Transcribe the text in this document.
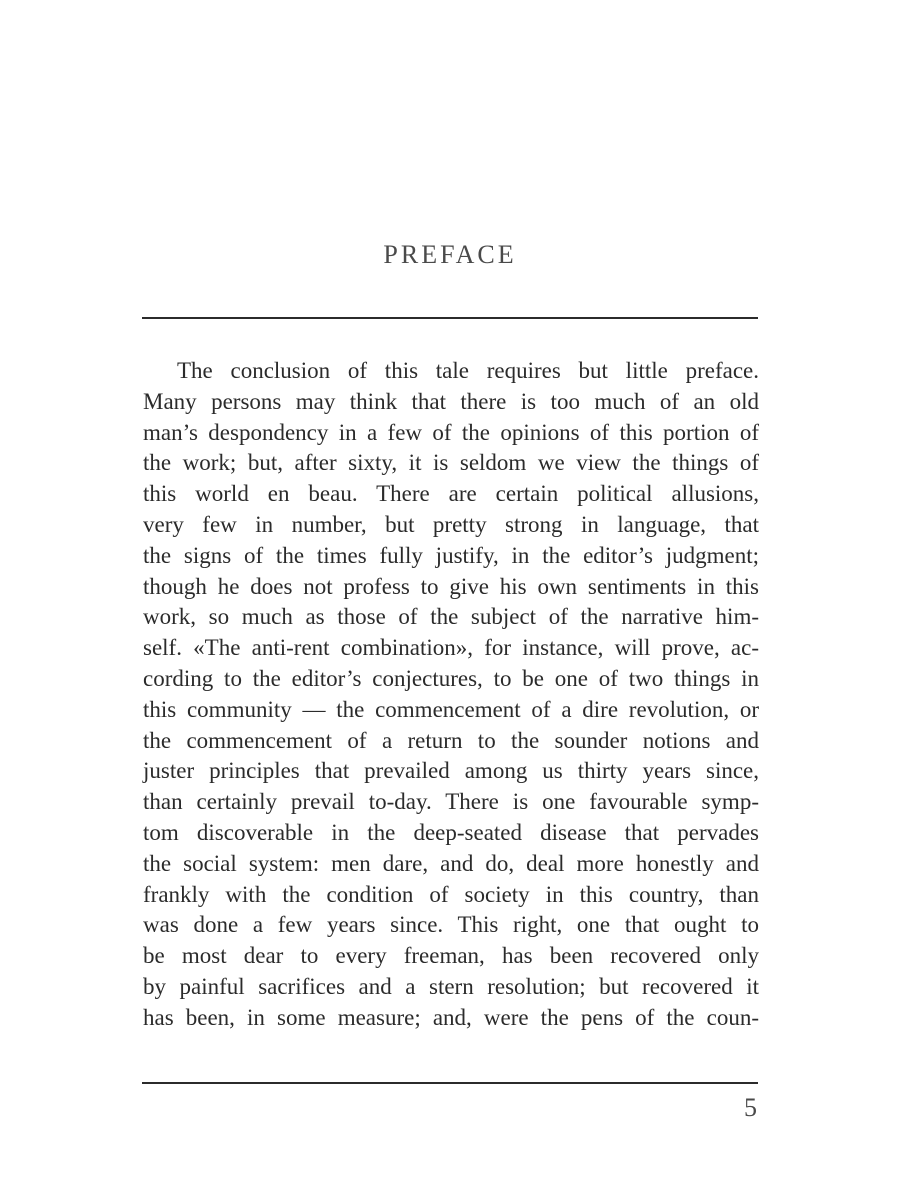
PREFACE
The conclusion of this tale requires but little preface.
Many persons may think that there is too much of an old
man’s despondency in a few of the opinions of this portion of
the work; but, after sixty, it is seldom we view the things of
this world en beau. There are certain political allusions,
very few in number, but pretty strong in language, that
the signs of the times fully justify, in the editor’s judgment;
though he does not profess to give his own sentiments in this
work, so much as those of the subject of the narrative him-
self. «The anti-rent combination», for instance, will prove, ac-
cording to the editor’s conjectures, to be one of two things in
this community — the commencement of a dire revolution, or
the commencement of a return to the sounder notions and
juster principles that prevailed among us thirty years since,
than certainly prevail to-day. There is one favourable symp-
tom discoverable in the deep-seated disease that pervades
the social system: men dare, and do, deal more honestly and
frankly with the condition of society in this country, than
was done a few years since. This right, one that ought to
be most dear to every freeman, has been recovered only
by painful sacrifices and a stern resolution; but recovered it
has been, in some measure; and, were the pens of the coun-
5
